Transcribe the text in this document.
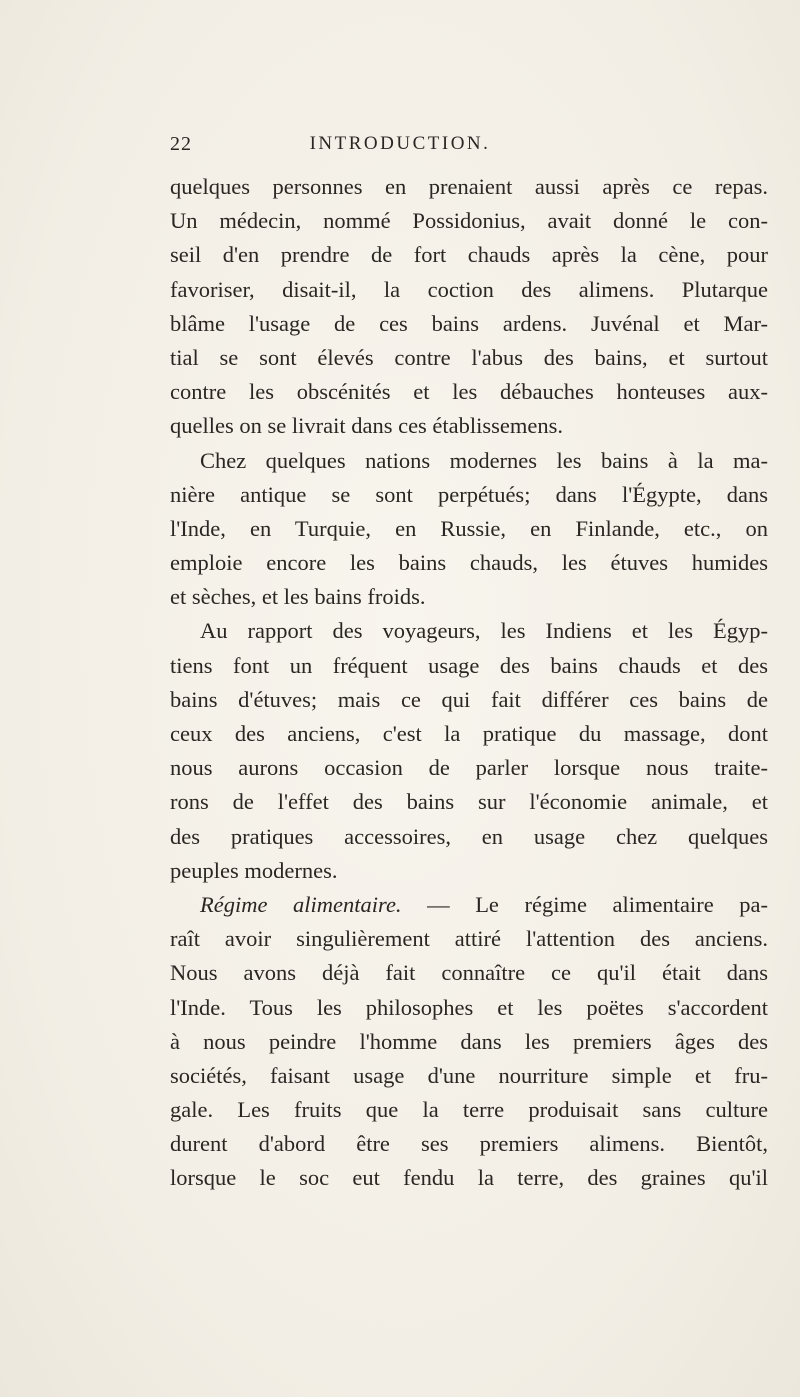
22	INTRODUCTION.
quelques personnes en prenaient aussi après ce repas.
Un médecin, nommé Possidonius, avait donné le con-
seil d'en prendre de fort chauds après la cène, pour
favoriser, disait-il, la coction des alimens. Plutarque
blâme l'usage de ces bains ardens. Juvénal et Mar-
tial se sont élevés contre l'abus des bains, et surtout
contre les obscénités et les débauches honteuses aux-
quelles on se livrait dans ces établissemens.
Chez quelques nations modernes les bains à la ma-
nière antique se sont perpétués; dans l'Égypte, dans
l'Inde, en Turquie, en Russie, en Finlande, etc., on
emploie encore les bains chauds, les étuves humides
et sèches, et les bains froids.
Au rapport des voyageurs, les Indiens et les Égyp-
tiens font un fréquent usage des bains chauds et des
bains d'étuves; mais ce qui fait différer ces bains de
ceux des anciens, c'est la pratique du massage, dont
nous aurons occasion de parler lorsque nous traite-
rons de l'effet des bains sur l'économie animale, et
des pratiques accessoires, en usage chez quelques
peuples modernes.
Régime alimentaire. — Le régime alimentaire pa-
raît avoir singulièrement attiré l'attention des anciens.
Nous avons déjà fait connaître ce qu'il était dans
l'Inde. Tous les philosophes et les poëtes s'accordent
à nous peindre l'homme dans les premiers âges des
sociétés, faisant usage d'une nourriture simple et fru-
gale. Les fruits que la terre produisait sans culture
durent d'abord être ses premiers alimens. Bientôt,
lorsque le soc eut fendu la terre, des graines qu'il
